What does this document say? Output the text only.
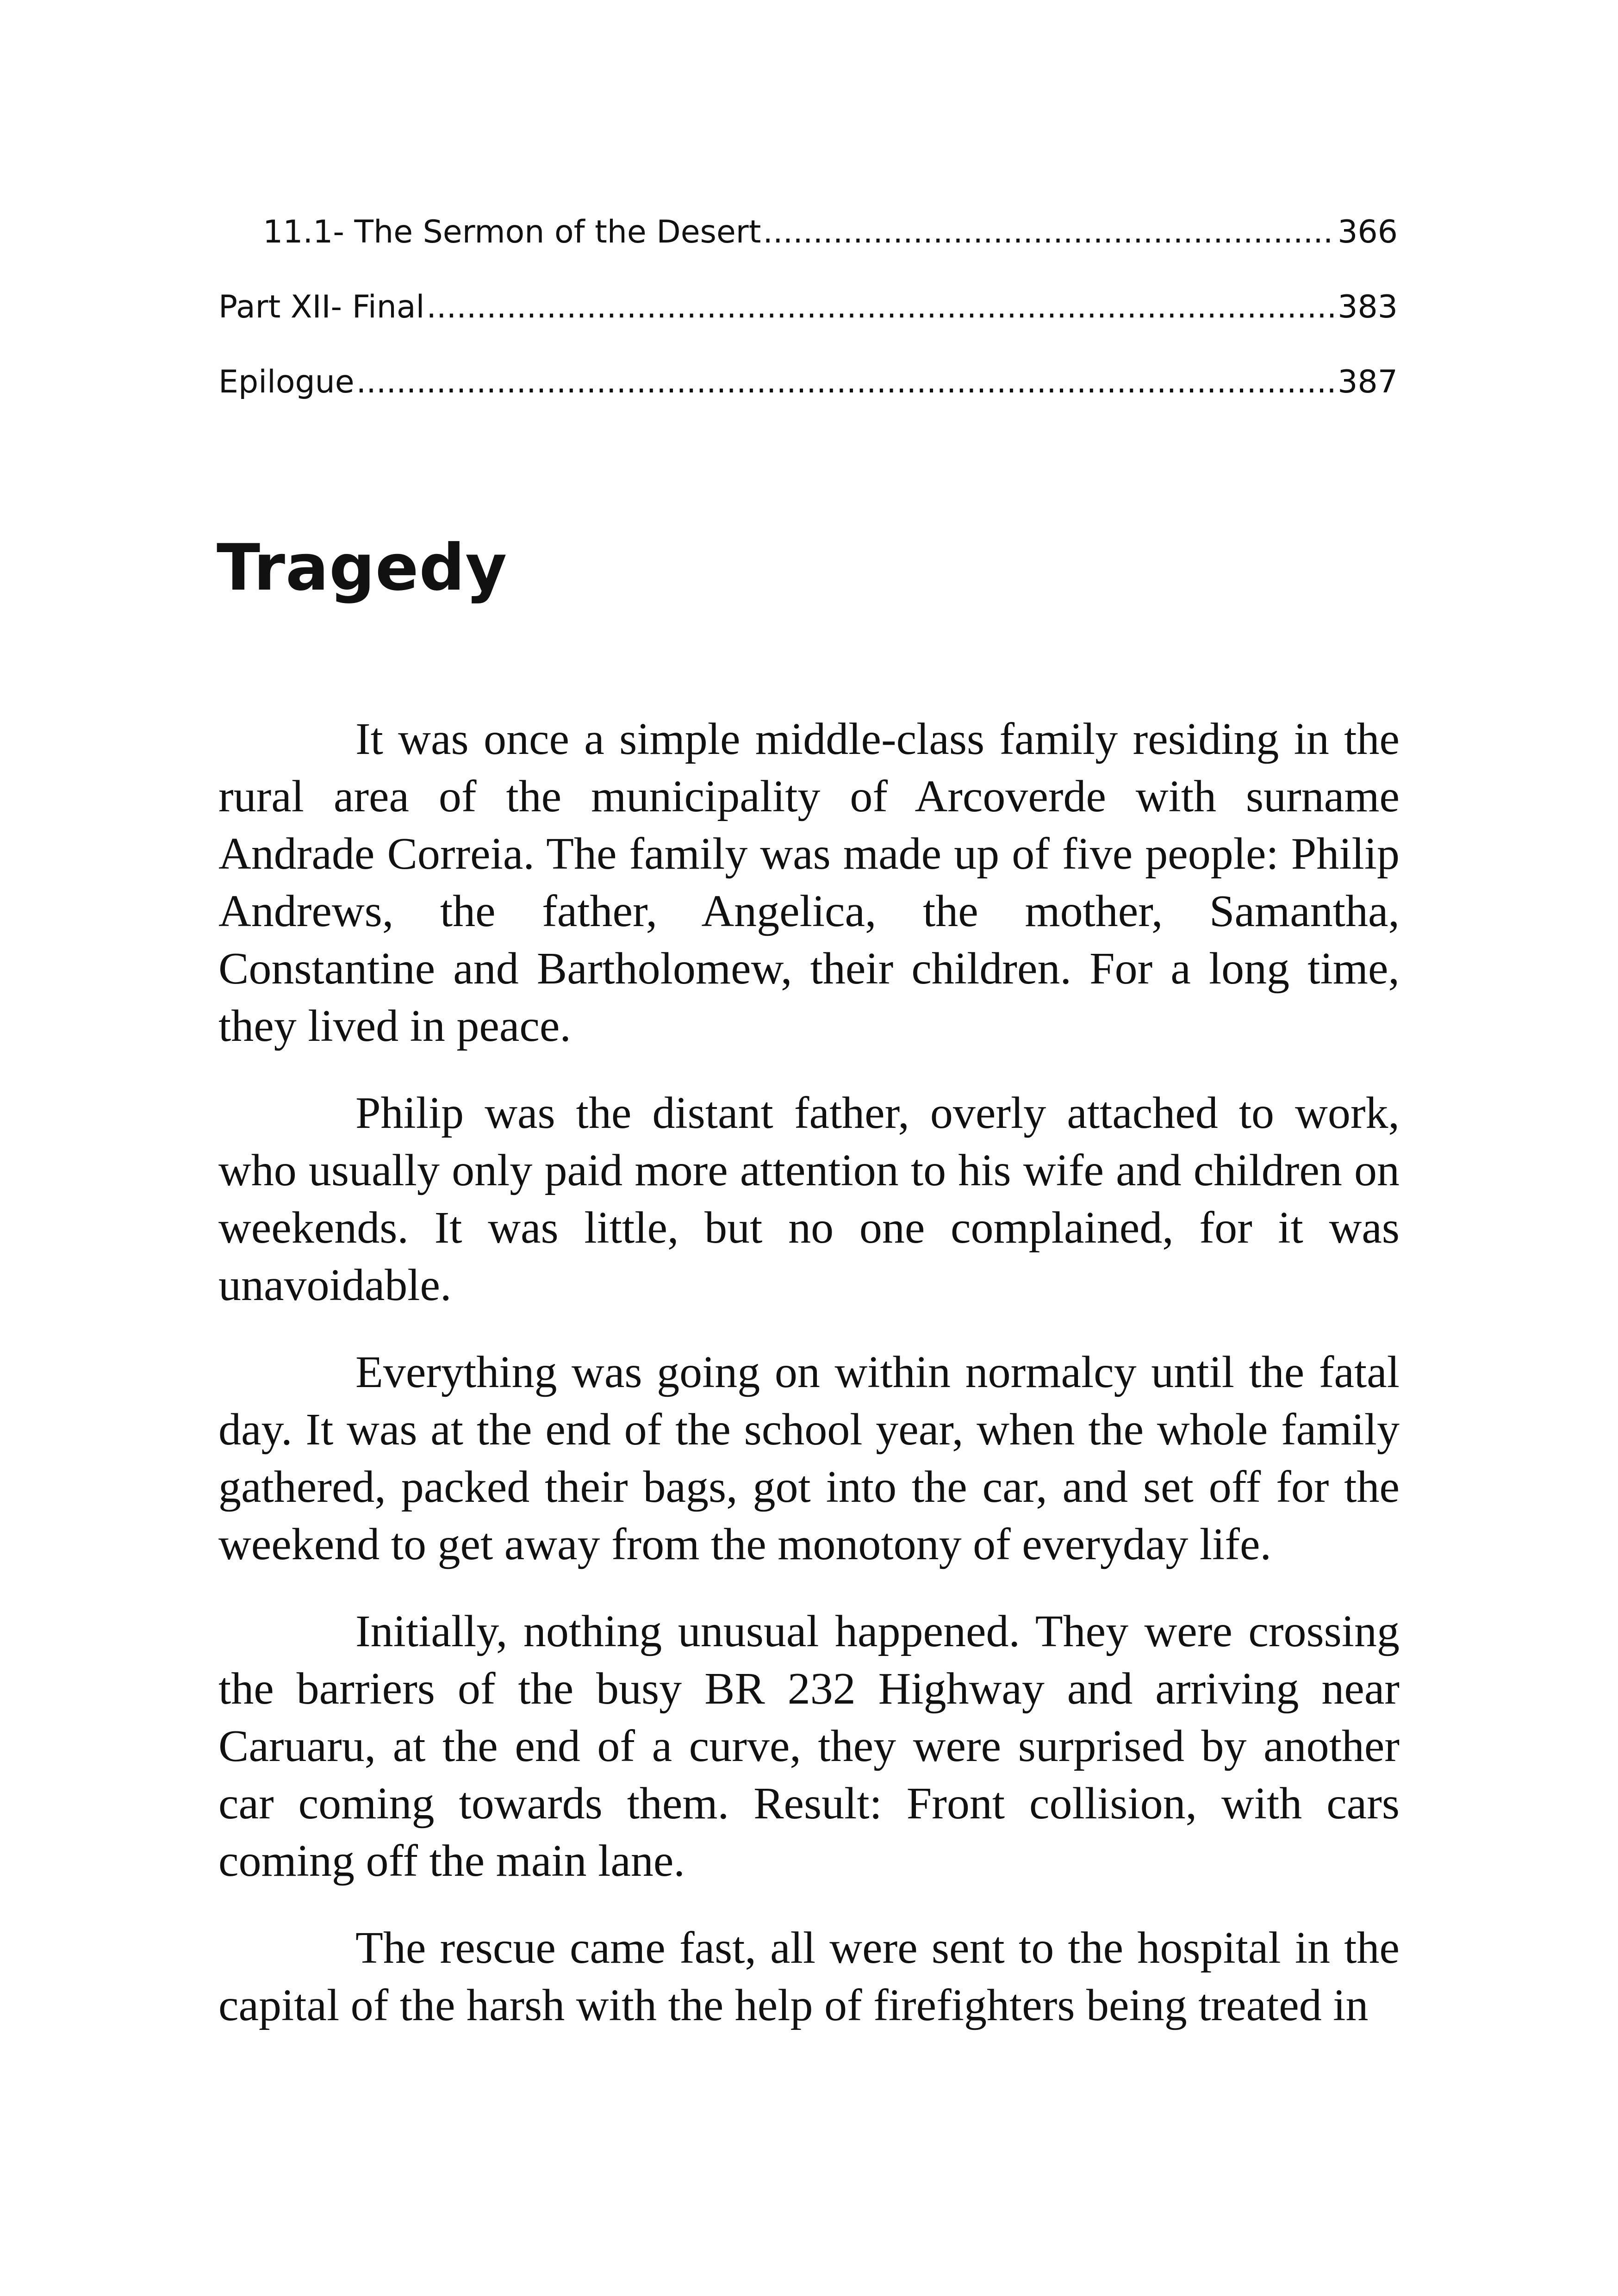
11.1- The Sermon of the Desert .....	366
Part XII- Final .....	383
Epilogue .....	387
Tragedy

It was once a simple middle-class family residing in the rural area of the municipality of Arcoverde with surname Andrade Correia. The family was made up of five people: Philip Andrews, the father, Angelica, the mother, Samantha, Constantine and Bartholomew, their children. For a long time, they lived in peace.

Philip was the distant father, overly attached to work, who usually only paid more attention to his wife and children on weekends. It was little, but no one complained, for it was unavoidable.

Everything was going on within normalcy until the fatal day. It was at the end of the school year, when the whole family gathered, packed their bags, got into the car, and set off for the weekend to get away from the monotony of everyday life.

Initially, nothing unusual happened. They were crossing the barriers of the busy BR 232 Highway and arriving near Caruaru, at the end of a curve, they were surprised by another car coming towards them. Result: Front collision, with cars coming off the main lane.

The rescue came fast, all were sent to the hospital in the capital of the harsh with the help of firefighters being treated in
